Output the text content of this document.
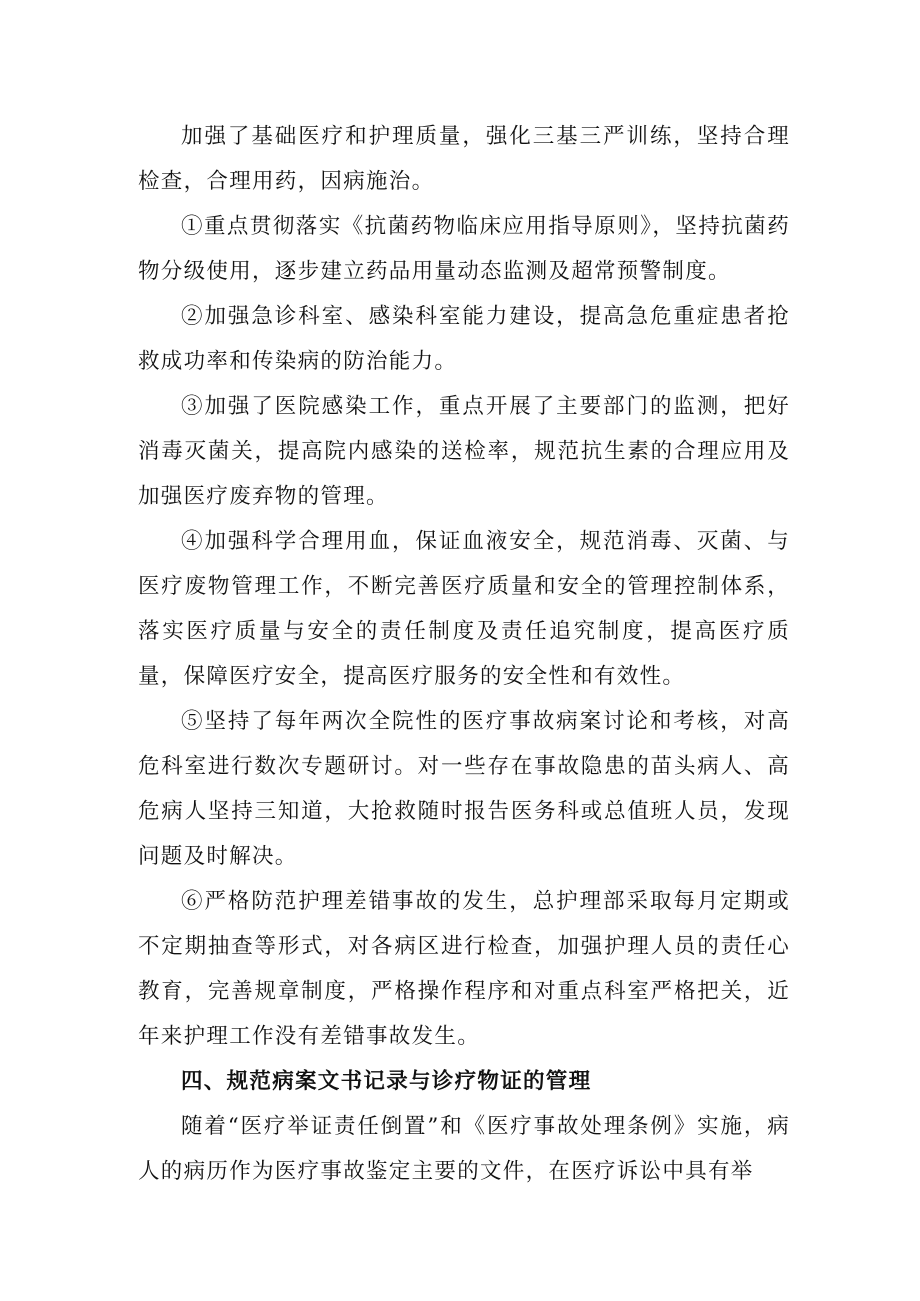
加强了基础医疗和护理质量，强化三基三严训练，坚持合理检查，合理用药，因病施治。

①重点贯彻落实《抗菌药物临床应用指导原则》，坚持抗菌药物分级使用，逐步建立药品用量动态监测及超常预警制度。

②加强急诊科室、感染科室能力建设，提高急危重症患者抢救成功率和传染病的防治能力。

③加强了医院感染工作，重点开展了主要部门的监测，把好消毒灭菌关，提高院内感染的送检率，规范抗生素的合理应用及加强医疗废弃物的管理。

④加强科学合理用血，保证血液安全，规范消毒、灭菌、与医疗废物管理工作，不断完善医疗质量和安全的管理控制体系，落实医疗质量与安全的责任制度及责任追究制度，提高医疗质量，保障医疗安全，提高医疗服务的安全性和有效性。

⑤坚持了每年两次全院性的医疗事故病案讨论和考核，对高危科室进行数次专题研讨。对一些存在事故隐患的苗头病人、高危病人坚持三知道，大抢救随时报告医务科或总值班人员，发现问题及时解决。

⑥严格防范护理差错事故的发生，总护理部采取每月定期或不定期抽查等形式，对各病区进行检查，加强护理人员的责任心教育，完善规章制度，严格操作程序和对重点科室严格把关，近年来护理工作没有差错事故发生。

四、规范病案文书记录与诊疗物证的管理

随着“医疗举证责任倒置”和《医疗事故处理条例》实施，病人的病历作为医疗事故鉴定主要的文件，在医疗诉讼中具有举
